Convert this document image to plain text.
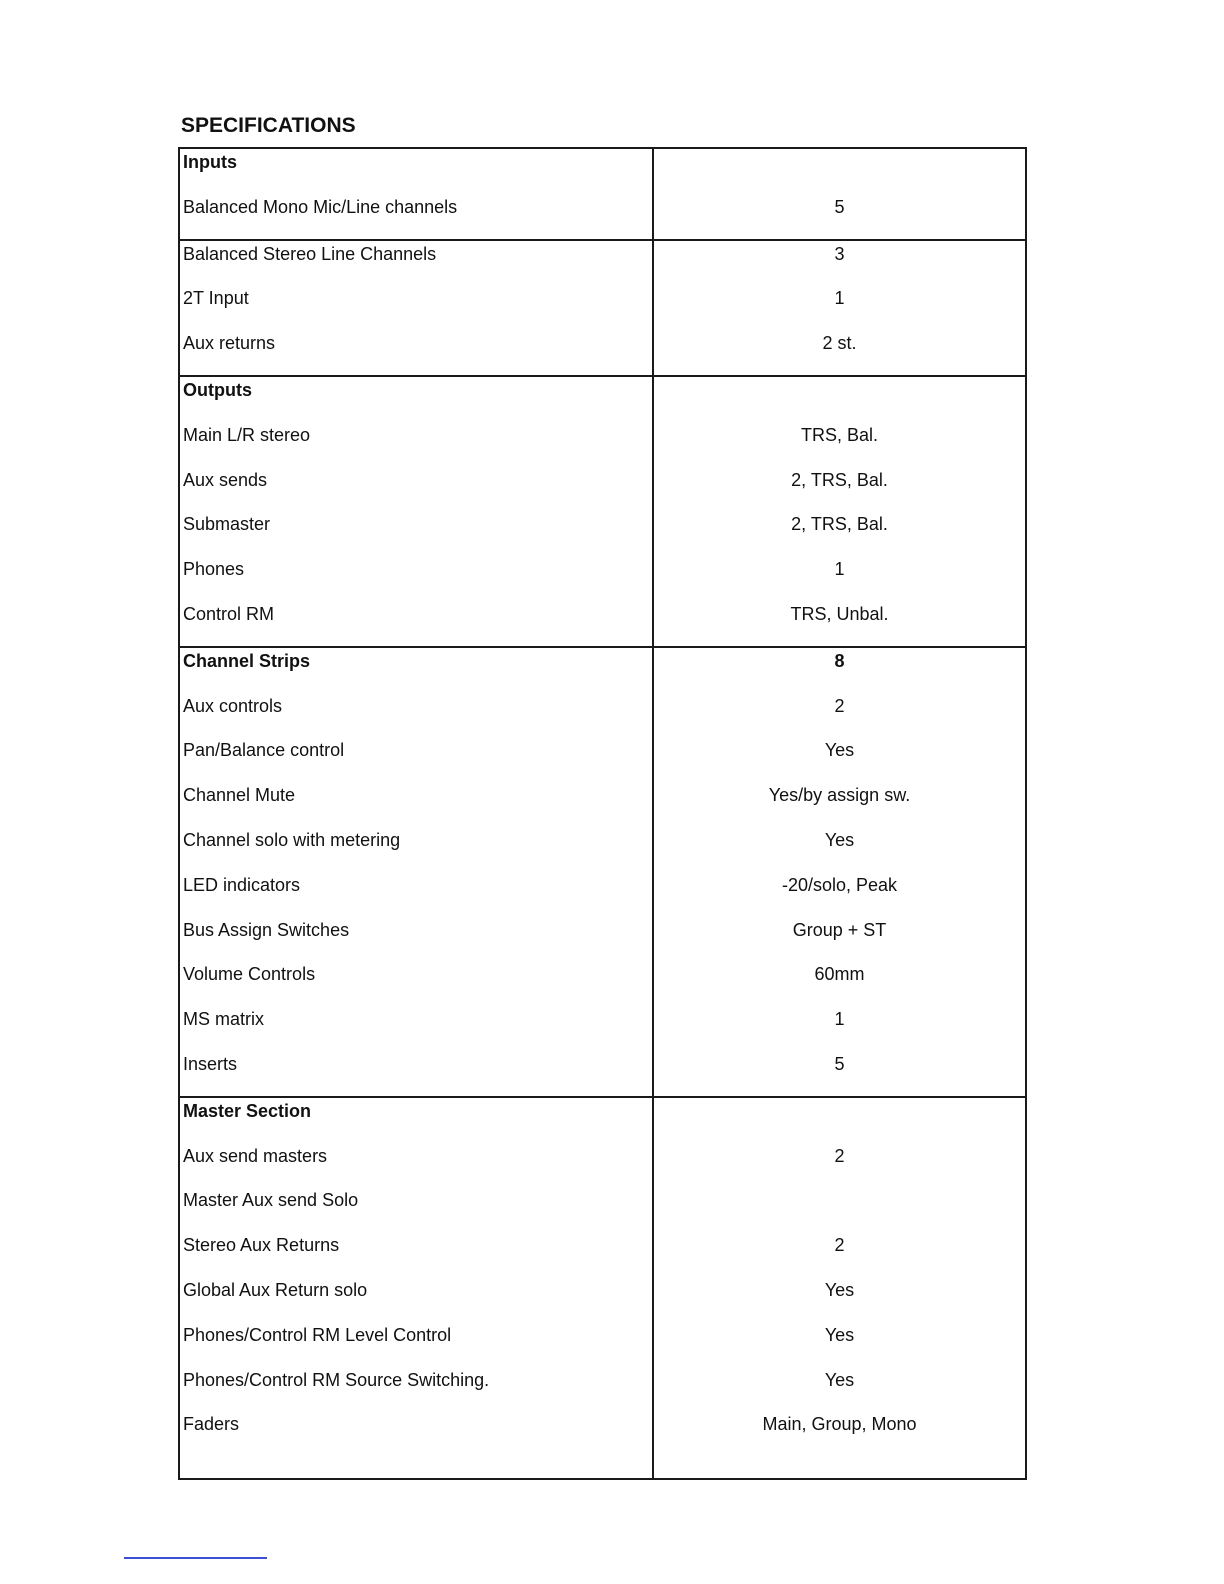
SPECIFICATIONS
Inputs
Balanced Mono Mic/Line channels	5
Balanced Stereo Line Channels
2T Input
Aux returns
3
1
2 st.
Outputs
Main L/R stereo
Aux sends
Submaster
Phones
Control RM
TRS, Bal.
2, TRS, Bal.
2, TRS, Bal.
1
TRS, Unbal.
Channel Strips
Aux controls
Pan/Balance control
Channel Mute
Channel solo with metering
LED indicators
Bus Assign Switches
Volume Controls
MS matrix
Inserts
8
2
Yes
Yes/by assign sw.
Yes
-20/solo, Peak
Group + ST
60mm
1
5
Master Section
Aux send masters
Master Aux send Solo
Stereo Aux Returns
Global Aux Return solo
Phones/Control RM Level Control
Phones/Control RM Source Switching.
Faders
2
2
Yes
Yes
Yes
Main, Group, Mono
